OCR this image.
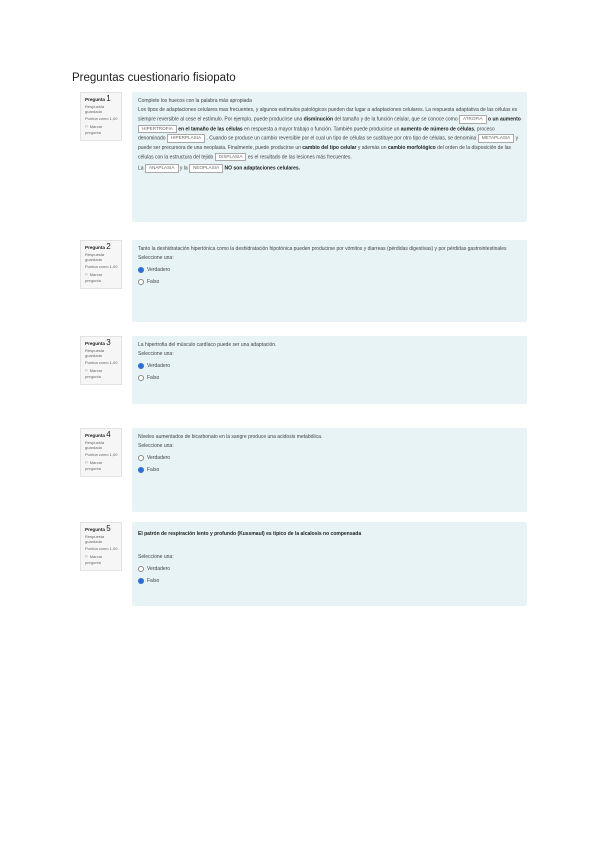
Preguntas cuestionario fisiopato
Pregunta 1
Respuesta guardada
Puntúa como 1,00
⚐ Marcar pregunta

Complete los huecos con la palabra más apropiada

Los tipos de adaptaciones celulares mas frecuentes, y algunos estímulos patológicos pueden dar lugar a adaptaciones celulares. La respuesta adaptativa de las células es siempre reversible al cese el estímulo. Por ejemplo, puede producirse una disminución del tamaño y de la función celular, que se conoce como ATROFIA o un aumento HIPERTROFIA en el tamaño de las células en respuesta a mayor trabajo o función. También puede producirse un aumento de número de células, proceso denominado HIPERPLASIA . Cuando se produce un cambio reversible por el cual un tipo de células se sustituye por otro tipo de células, se denomina METAPLASIA y puede ser precursora de una neoplasia. Finalmente, puede producirse un cambio del tipo celular y además un cambio morfológico del orden de la disposición de las células con la estructura del tejido DISPLASIA es el resultado de las lesiones más frecuentes.

La ANAPLASIA y la NEOPLASIA NO son adaptaciones celulares.

Pregunta 2
Respuesta guardada
Puntúa como 1,00
⚐ Marcar pregunta

Tanto la deshidratación hipertónica como la deshidratación hipotónica pueden producirse por vómitos y diarreas (pérdidas digestivas) y por pérdidas gastrointestinales

Seleccione una:

Verdadero
Falso
Pregunta 3
Respuesta guardada
Puntúa como 1,00
⚐ Marcar pregunta

La hipertrofia del músculo cardíaco puede ser una adaptación.

Seleccione una:

Verdadero
Falso
Pregunta 4
Respuesta guardada
Puntúa como 1,00
⚐ Marcar pregunta

Niveles aumentados de bicarbonato en la sangre produce una acidosis metabólica.

Seleccione una:

Verdadero
Falso
Pregunta 5
Respuesta guardada
Puntúa como 1,00
⚐ Marcar pregunta

El patrón de respiración lento y profundo (Kussmaul) es típico de la alcalosis no compensada

Seleccione una:

Verdadero
Falso
